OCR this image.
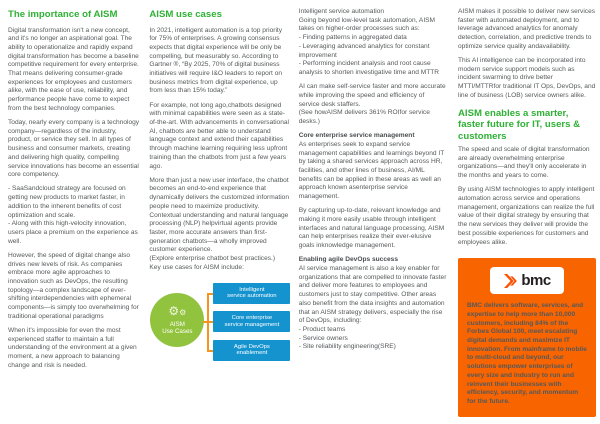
The importance of AISM

Digital transformation isn't a new concept, and it's no longer an aspirational goal. The ability to operationalize and rapidly expand digital transformation has become a baseline competitive requirement for every enterprise. That means delivering consumer-grade experiences for employees and customers alike, with the ease of use, reliability, and performance people have come to expect from the best technology companies.

Today, nearly every company is a technology company—regardless of the industry, product, or service they sell. In all types of business and consumer markets, creating and delivering high quality, compelling service innovations has become an essential core competency.

- SaaSandcloud strategy are focused on getting new products to market faster, in addition to the inherent benefits of cost optimization and scale.

- Along with this high-velocity innovation, users place a premium on the experience as well.

However, the speed of digital change also drives new levels of risk. As companies embrace more agile approaches to innovation such as DevOps, the resulting topology—a complex landscape of ever-shifting interdependencies with ephemeral components—is simply too overwhelming for traditional operational paradigms

When it's impossible for even the most experienced staffer to maintain a full understanding of the environment at a given moment, a new approach to balancing change and risk is needed.

AISM use cases

In 2021, intelligent automation is a top priority for 75% of enterprises. A growing consensus expects that digital experience will be only be compelling, but measurably so. According to Gartner ®, “By 2025, 70% of digital business initiatives will require I&O leaders to report on business metrics from digital experience, up from less than 15% today.”

For example, not long ago,chatbots designed with minimal capabilities were seen as a state-of-the-art. With advancements in conversational AI, chatbots are better able to understand language context and extend their capabilities through machine learning requiring less upfront training than the chatbots from just a few years ago.

More than just a new user interface, the chatbot becomes an end-to-end experience that dynamically delivers the customized information people need to maximize productivity. Contextual understanding and natural language processing (NLP) helpvirtual agents provide faster, more accurate answers than first-generation chatbots—a wholly improved customer experience.

(Explore enterprise chatbot best practices.)

Key use cases for AISM include:

⚙⚙
AISM
Use Cases
Intelligent
service automation
Core enterprise
service management
Agile DevOps
enablement

Intelligent service automation

Going beyond low-level task automation, AISM takes on higher-order processes such as:

- Finding patterns in aggregated data

- Leveraging advanced analytics for constant improvement

- Performing incident analysis and root cause analysis to shorten investigative time and MTTR

AI can make self-service faster and more accurate while improving the speed and efficiency of service desk staffers.

(See howAISM delivers 361% ROIfor service desks.)

Core enterprise service management

As enterprises seek to expand service management capabilities and learnings beyond IT by taking a shared services approach across HR, facilities, and other lines of business, AI/ML benefits can be applied in these areas as well an approach known asenterprise service management.

By capturing up-to-date, relevant knowledge and making it more easily usable through intelligent interfaces and natural language processing, AISM can help enterprises realize their ever-elusive goals inknowledge management.

Enabling agile DevOps success

AI service management is also a key enabler for organizations that are compelled to innovate faster and deliver more features to employees and customers just to stay competitive. Other areas also benefit from the data insights and automation that an AISM strategy delivers, especially the rise of DevOps, including:

- Product teams

- Service owners

- Site reliability engineering(SRE)

AISM makes it possible to deliver new services faster with automated deployment, and to leverage advanced analytics for anomaly detection, correlation, and predictive trends to optimize service quality andavailability.

This AI intelligence can be incorporated into modern service support models such as incident swarming to drive better MTTI/MTTRfor traditional IT Ops, DevOps, and line of business (LOB) service owners alike.

AISM enables a smarter, faster future for IT, users & customers

The speed and scale of digital transformation are already overwhelming enterprise organizations—and they'll only accelerate in the months and years to come.

By using AISM technologies to apply intelligent automation across service and operations management, organizations can realize the full value of their digital strategy by ensuring that the new services they deliver will provide the best possible experiences for customers and employees alike.

bmc

BMC delivers software, services, and expertise to help more than 10,000 customers, including 84% of the Forbes Global 100, meet escalating digital demands and maximize IT innovation. From mainframe to mobile to multi-cloud and beyond, our solutions empower enterprises of every size and industry to run and reinvent their businesses with efficiency, security, and momentum for the future.
